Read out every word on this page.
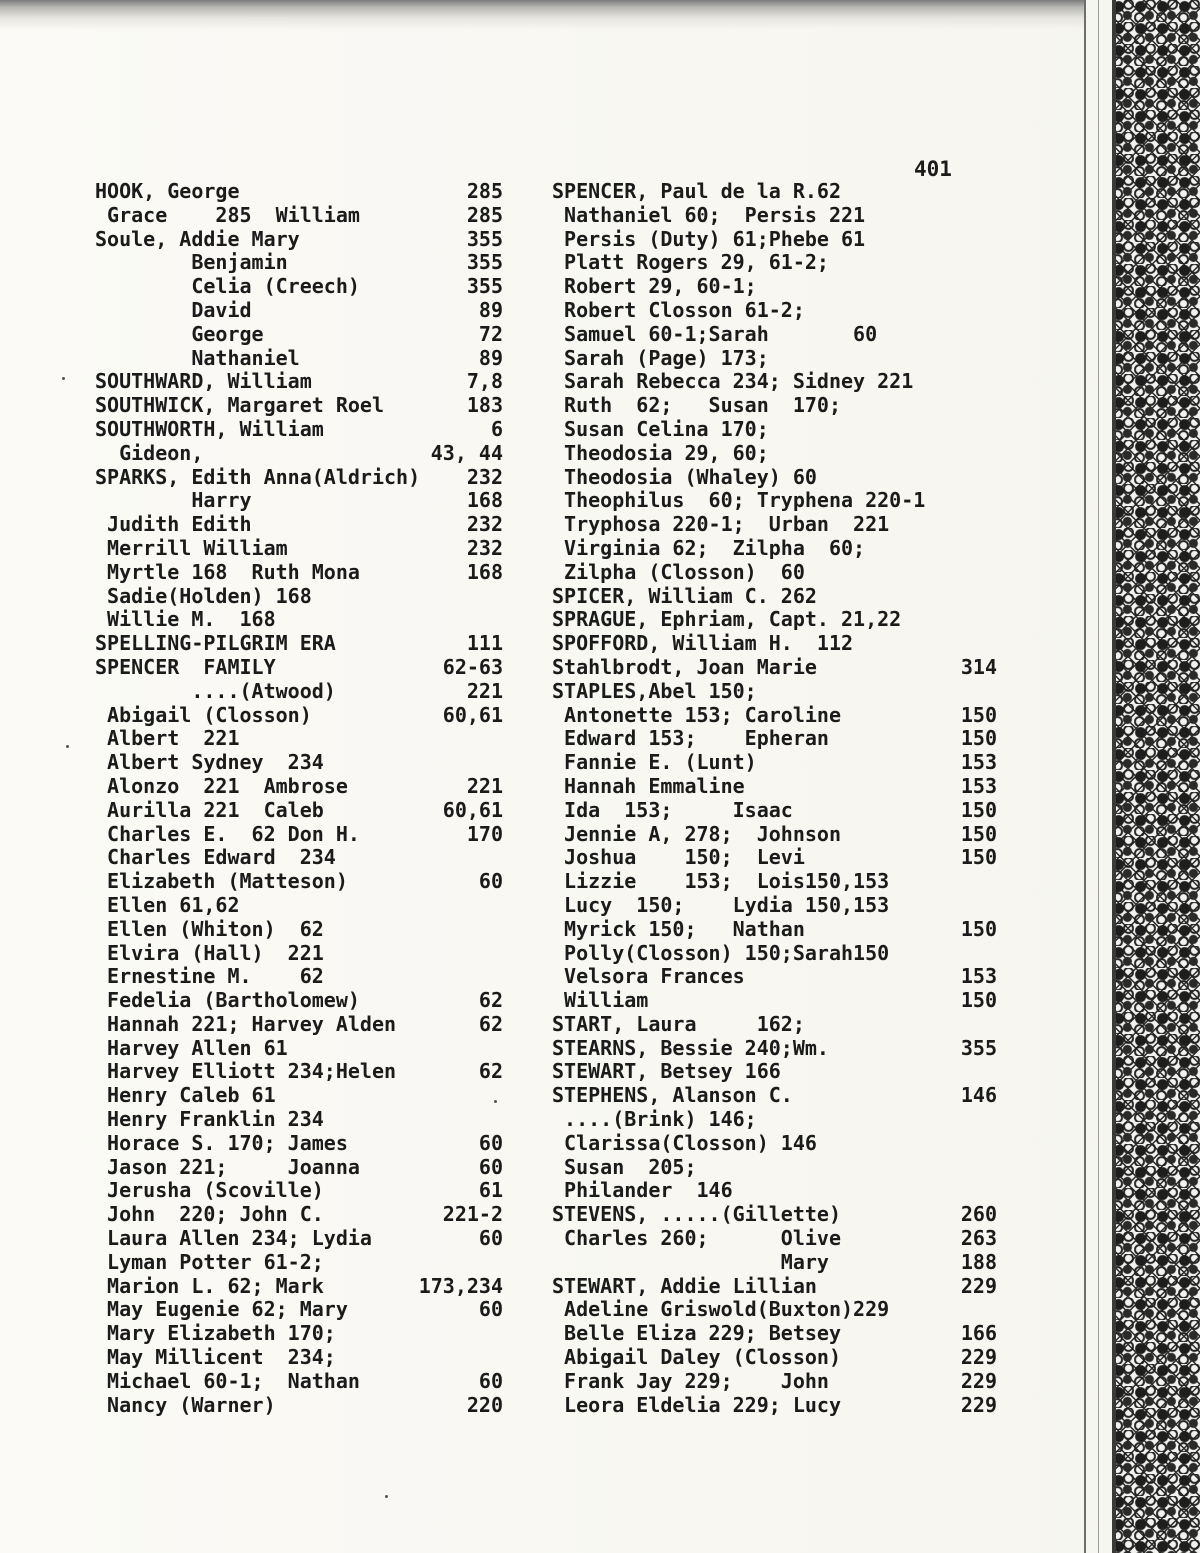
401
HOOK, George	285
Grace    285  William	285
Soule, Addie Mary	355
Benjamin	355
Celia (Creech)	355
David	89
George	72
Nathaniel	89
SOUTHWARD, William	7,8
SOUTHWICK, Margaret Roel	183
SOUTHWORTH, William	6
Gideon,	43, 44
SPARKS, Edith Anna(Aldrich)	232
Harry	168
Judith Edith	232
Merrill William	232
Myrtle 168  Ruth Mona	168
Sadie(Holden) 168
Willie M.  168
SPELLING-PILGRIM ERA	111
SPENCER  FAMILY	62-63
....(Atwood)	221
Abigail (Closson)	60,61
Albert  221
Albert Sydney  234
Alonzo  221  Ambrose	221
Aurilla 221  Caleb	60,61
Charles E.  62 Don H.	170
Charles Edward  234
Elizabeth (Matteson)	60
Ellen 61,62
Ellen (Whiton)  62
Elvira (Hall)  221
Ernestine M.    62
Fedelia (Bartholomew)	62
Hannah 221; Harvey Alden	62
Harvey Allen 61
Harvey Elliott 234;Helen	62
Henry Caleb 61
Henry Franklin 234
Horace S. 170; James	60
Jason 221;     Joanna	60
Jerusha (Scoville)	61
John  220; John C.	221-2
Laura Allen 234; Lydia	60
Lyman Potter 61-2;
Marion L. 62; Mark	173,234
May Eugenie 62; Mary	60
Mary Elizabeth 170;
May Millicent  234;
Michael 60-1;  Nathan	60
Nancy (Warner)	220
SPENCER, Paul de la R.62
Nathaniel 60;  Persis 221
Persis (Duty) 61;Phebe 61
Platt Rogers 29, 61-2;
Robert 29, 60-1;
Robert Closson 61-2;
Samuel 60-1;Sarah       60
Sarah (Page) 173;
Sarah Rebecca 234; Sidney 221
Ruth  62;   Susan  170;
Susan Celina 170;
Theodosia 29, 60;
Theodosia (Whaley) 60
Theophilus  60; Tryphena 220-1
Tryphosa 220-1;  Urban  221
Virginia 62;  Zilpha  60;
Zilpha (Closson)  60
SPICER, William C. 262
SPRAGUE, Ephriam, Capt. 21,22
SPOFFORD, William H.  112
Stahlbrodt, Joan Marie	314
STAPLES,Abel 150;
Antonette 153; Caroline	150
Edward 153;    Epheran	150
Fannie E. (Lunt)	153
Hannah Emmaline	153
Ida  153;     Isaac	150
Jennie A, 278;  Johnson	150
Joshua    150;  Levi	150
Lizzie    153;  Lois150,153
Lucy  150;    Lydia 150,153
Myrick 150;   Nathan	150
Polly(Closson) 150;Sarah150
Velsora Frances	153
William	150
START, Laura     162;
STEARNS, Bessie 240;Wm.	355
STEWART, Betsey 166
STEPHENS, Alanson C.	146
....(Brink) 146;
Clarissa(Closson) 146
Susan  205;
Philander  146
STEVENS, .....(Gillette)	260
Charles 260;      Olive	263
Mary	188
STEWART, Addie Lillian	229
Adeline Griswold(Buxton)229
Belle Eliza 229; Betsey	166
Abigail Daley (Closson)	229
Frank Jay 229;    John	229
Leora Eldelia 229; Lucy	229
